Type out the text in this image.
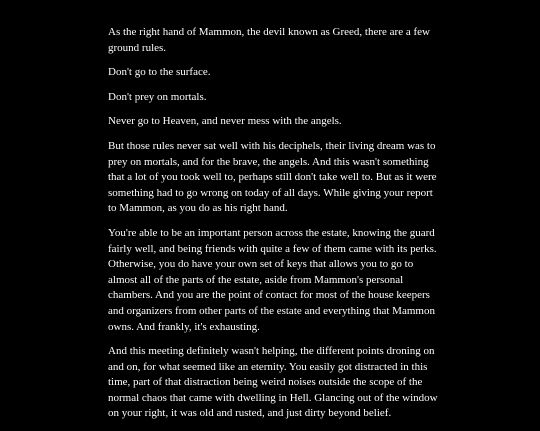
As the right hand of Mammon, the devil known as Greed, there are a few ground rules.

Don't go to the surface.

Don't prey on mortals.

Never go to Heaven, and never mess with the angels.

But those rules never sat well with his deciphels, their living dream was to prey on mortals, and for the brave, the angels. And this wasn't something that a lot of you took well to, perhaps still don't take well to. But as it were something had to go wrong on today of all days. While giving your report to Mammon, as you do as his right hand.

You're able to be an important person across the estate, knowing the guard fairly well, and being friends with quite a few of them came with its perks. Otherwise, you do have your own set of keys that allows you to go to almost all of the parts of the estate, aside from Mammon's personal chambers. And you are the point of contact for most of the house keepers and organizers from other parts of the estate and everything that Mammon owns. And frankly, it's exhausting.

And this meeting definitely wasn't helping, the different points droning on and on, for what seemed like an eternity. You easily got distracted in this time, part of that distraction being weird noises outside the scope of the normal chaos that came with dwelling in Hell. Glancing out of the window on your right, it was old and rusted, and just dirty beyond belief.
